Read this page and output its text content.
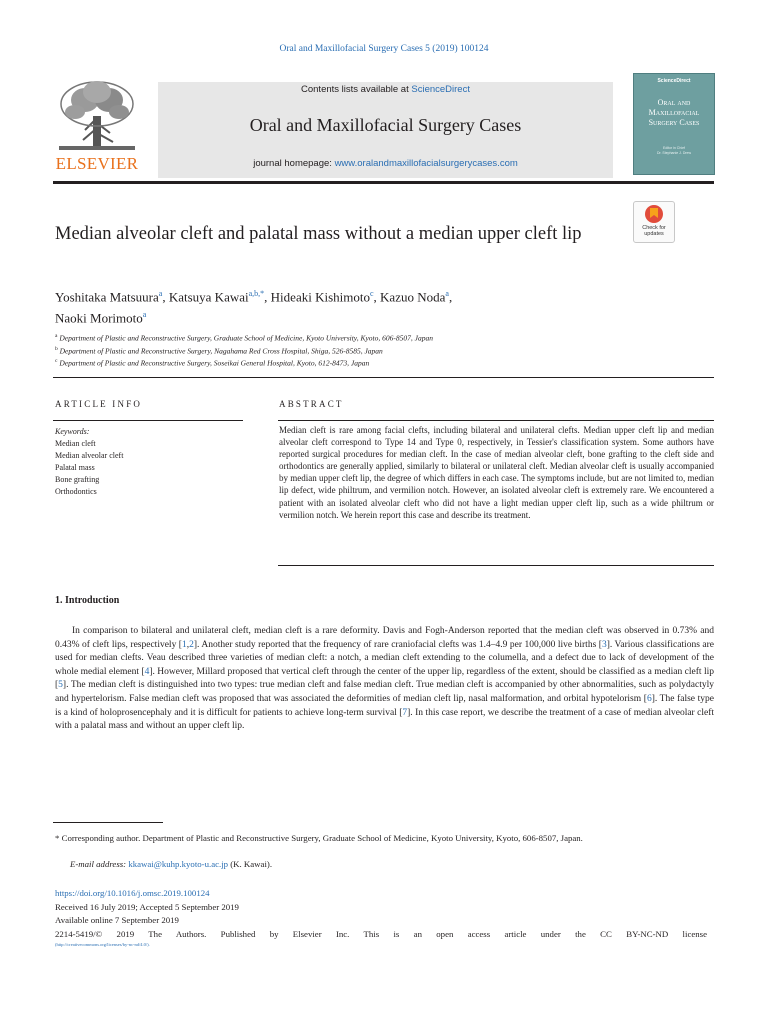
Oral and Maxillofacial Surgery Cases 5 (2019) 100124
ELSEVIER
Contents lists available at ScienceDirect
Oral and Maxillofacial Surgery Cases
journal homepage: www.oralandmaxillofacialsurgerycases.com
ScienceDirect
Oral and
Maxillofacial
Surgery Cases
Editor in Chief
Dr. Stephanie J. Drew
Median alveolar cleft and palatal mass without a median upper cleft lip	Check for
updates
Yoshitaka Matsuura$^a$, Katsuya Kawai$^{a,b,*}$, Hideaki Kishimoto$^c$, Kazuo Noda$^a$,
Naoki Morimoto$^a$
$^a$ Department of Plastic and Reconstructive Surgery, Graduate School of Medicine, Kyoto University, Kyoto, 606-8507, Japan
$^b$ Department of Plastic and Reconstructive Surgery, Nagahama Red Cross Hospital, Shiga, 526-8585, Japan
$^c$ Department of Plastic and Reconstructive Surgery, Soseikai General Hospital, Kyoto, 612-8473, Japan
ARTICLE INFO	ABSTRACT
Keywords:
Median cleft
Median alveolar cleft
Palatal mass
Bone grafting
Orthodontics
Median cleft is rare among facial clefts, including bilateral and unilateral clefts. Median upper cleft lip and median alveolar cleft correspond to Type 14 and Type 0, respectively, in Tessier's classification system. Some authors have reported surgical procedures for median cleft. In the case of median alveolar cleft, bone grafting to the cleft side and orthodontics are generally applied, similarly to bilateral or unilateral cleft. Median alveolar cleft is usually accompanied by median upper cleft lip, the degree of which differs in each case. The symptoms include, but are not limited to, median lip defect, wide philtrum, and vermilion notch. However, an isolated alveolar cleft is extremely rare. We encountered a patient with an isolated alveolar cleft who did not have a light median upper cleft lip, such as a wide philtrum or vermilion notch. We herein report this case and describe its treatment.
1. Introduction
In comparison to bilateral and unilateral cleft, median cleft is a rare deformity. Davis and Fogh-Anderson reported that the median cleft was observed in 0.73% and 0.43% of cleft lips, respectively [1,2]. Another study reported that the frequency of rare craniofacial clefts was 1.4–4.9 per 100,000 live births [3]. Various classifications are used for median clefts. Veau described three varieties of median cleft: a notch, a median cleft extending to the columella, and a defect due to lack of development of the whole medial element [4]. However, Millard proposed that vertical cleft through the center of the upper lip, regardless of the extent, should be classified as a median cleft lip [5]. The median cleft is distinguished into two types: true median cleft and false median cleft. True median cleft is accompanied by other abnormalities, such as polydactyly and hypertelorism. False median cleft was proposed that was associated the deformities of median cleft lip, nasal malformation, and orbital hypotelorism [6]. The false type is a kind of holoprosencephaly and it is difficult for patients to achieve long-term survival [7]. In this case report, we describe the treatment of a case of median alveolar cleft with a palatal mass and without an upper cleft lip.
* Corresponding author. Department of Plastic and Reconstructive Surgery, Graduate School of Medicine, Kyoto University, Kyoto, 606-8507, Japan.
E-mail address: kkawai@kuhp.kyoto-u.ac.jp (K. Kawai).
https://doi.org/10.1016/j.omsc.2019.100124
Received 16 July 2019; Accepted 5 September 2019
Available online 7 September 2019
2214-5419/© 2019 The Authors. Published by Elsevier Inc. This is an open access article under the CC BY-NC-ND license
(http://creativecommons.org/licenses/by-nc-nd/4.0/).
